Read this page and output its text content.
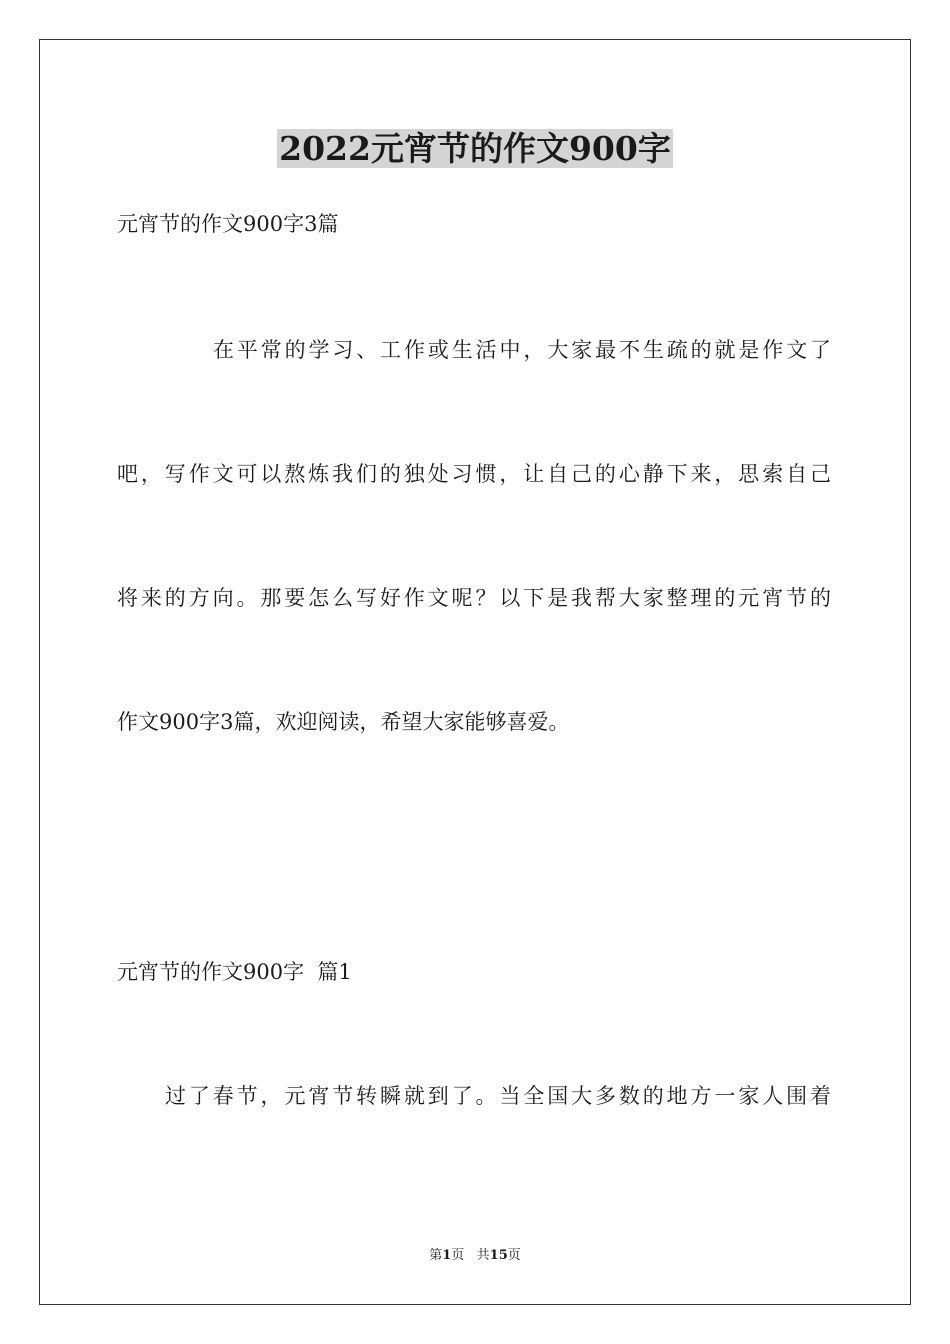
2022元宵节的作文900字
元宵节的作文900字3篇
在平常的学习、工作或生活中，大家最不生疏的就是作文了
吧，写作文可以熬炼我们的独处习惯，让自己的心静下来，思索自己
将来的方向。那要怎么写好作文呢？以下是我帮大家整理的元宵节的
作文900字3篇，欢迎阅读，希望大家能够喜爱。
元宵节的作文900字  篇1
过了春节，元宵节转瞬就到了。当全国大多数的地方一家人围着
第1页   共15页
